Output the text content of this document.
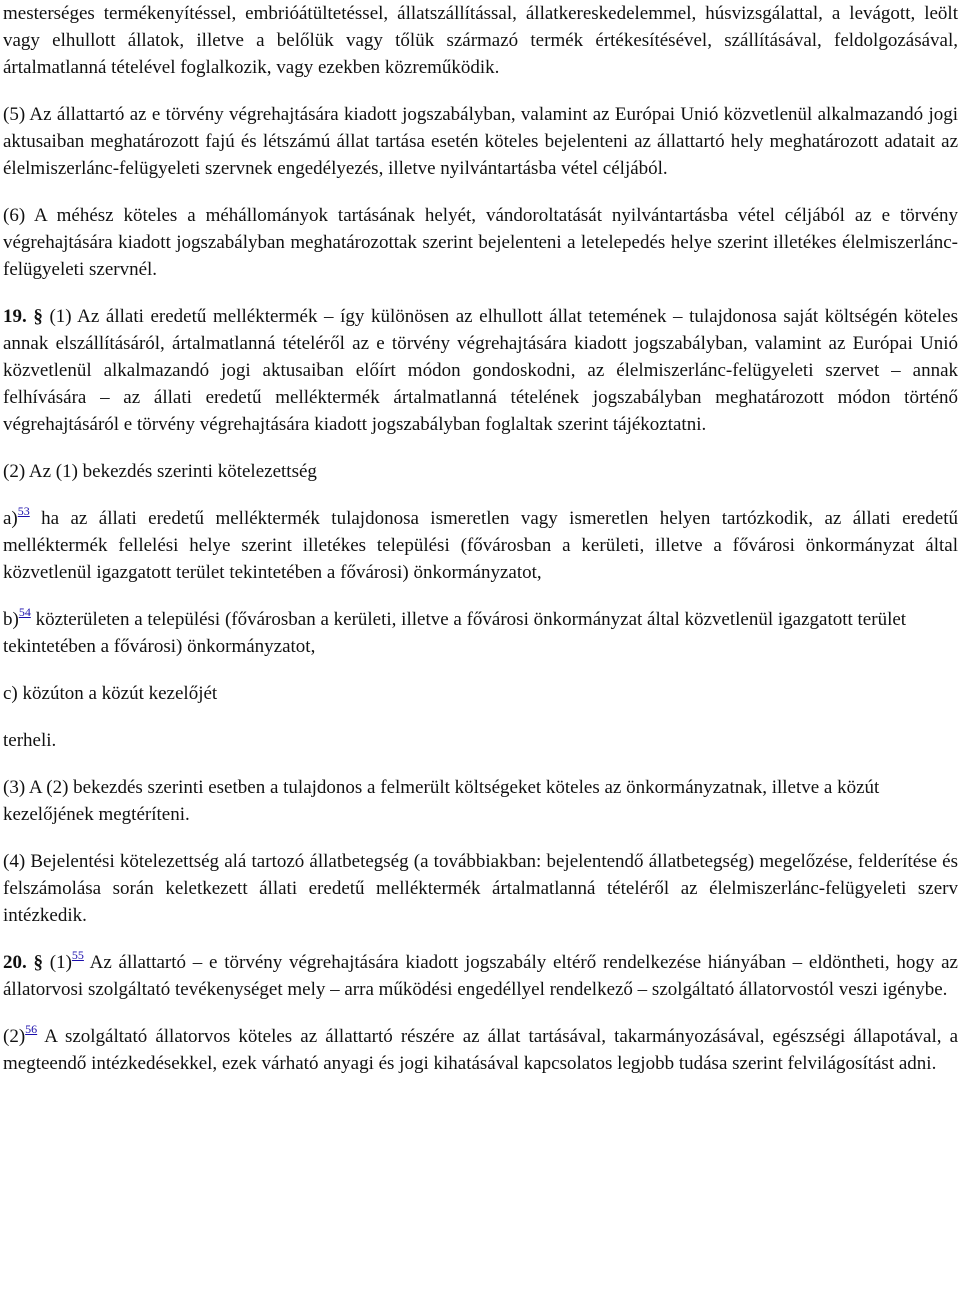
mesterséges termékenyítéssel, embrióátültetéssel, állatszállítással, állatkereskedelemmel, húsvizsgálattal, a levágott, leölt vagy elhullott állatok, illetve a belőlük vagy tőlük származó termék értékesítésével, szállításával, feldolgozásával, ártalmatlanná tételével foglalkozik, vagy ezekben közreműködik.

(5) Az állattartó az e törvény végrehajtására kiadott jogszabályban, valamint az Európai Unió közvetlenül alkalmazandó jogi aktusaiban meghatározott fajú és létszámú állat tartása esetén köteles bejelenteni az állattartó hely meghatározott adatait az élelmiszerlánc-felügyeleti szervnek engedélyezés, illetve nyilvántartásba vétel céljából.

(6) A méhész köteles a méhállományok tartásának helyét, vándoroltatását nyilvántartásba vétel céljából az e törvény végrehajtására kiadott jogszabályban meghatározottak szerint bejelenteni a letelepedés helye szerint illetékes élelmiszerlánc-felügyeleti szervnél.

19. § (1) Az állati eredetű melléktermék – így különösen az elhullott állat tetemének – tulajdonosa saját költségén köteles annak elszállításáról, ártalmatlanná tételéről az e törvény végrehajtására kiadott jogszabályban, valamint az Európai Unió közvetlenül alkalmazandó jogi aktusaiban előírt módon gondoskodni, az élelmiszerlánc-felügyeleti szervet – annak felhívására – az állati eredetű melléktermék ártalmatlanná tételének jogszabályban meghatározott módon történő végrehajtásáról e törvény végrehajtására kiadott jogszabályban foglaltak szerint tájékoztatni.

(2) Az (1) bekezdés szerinti kötelezettség

a)$^{53}$ ha az állati eredetű melléktermék tulajdonosa ismeretlen vagy ismeretlen helyen tartózkodik, az állati eredetű melléktermék fellelési helye szerint illetékes települési (fővárosban a kerületi, illetve a fővárosi önkormányzat által közvetlenül igazgatott terület tekintetében a fővárosi) önkormányzatot,

b)$^{54}$ közterületen a települési (fővárosban a kerületi, illetve a fővárosi önkormányzat által közvetlenül igazgatott terület tekintetében a fővárosi) önkormányzatot,

c) közúton a közút kezelőjét

terheli.

(3) A (2) bekezdés szerinti esetben a tulajdonos a felmerült költségeket köteles az önkormányzatnak, illetve a közút kezelőjének megtéríteni.

(4) Bejelentési kötelezettség alá tartozó állatbetegség (a továbbiakban: bejelentendő állatbetegség) megelőzése, felderítése és felszámolása során keletkezett állati eredetű melléktermék ártalmatlanná tételéről az élelmiszerlánc-felügyeleti szerv intézkedik.

20. § (1)$^{55}$ Az állattartó – e törvény végrehajtására kiadott jogszabály eltérő rendelkezése hiányában – eldöntheti, hogy az állatorvosi szolgáltató tevékenységet mely – arra működési engedéllyel rendelkező – szolgáltató állatorvostól veszi igénybe.

(2)$^{56}$ A szolgáltató állatorvos köteles az állattartó részére az állat tartásával, takarmányozásával, egészségi állapotával, a megteendő intézkedésekkel, ezek várható anyagi és jogi kihatásával kapcsolatos legjobb tudása szerint felvilágosítást adni.
